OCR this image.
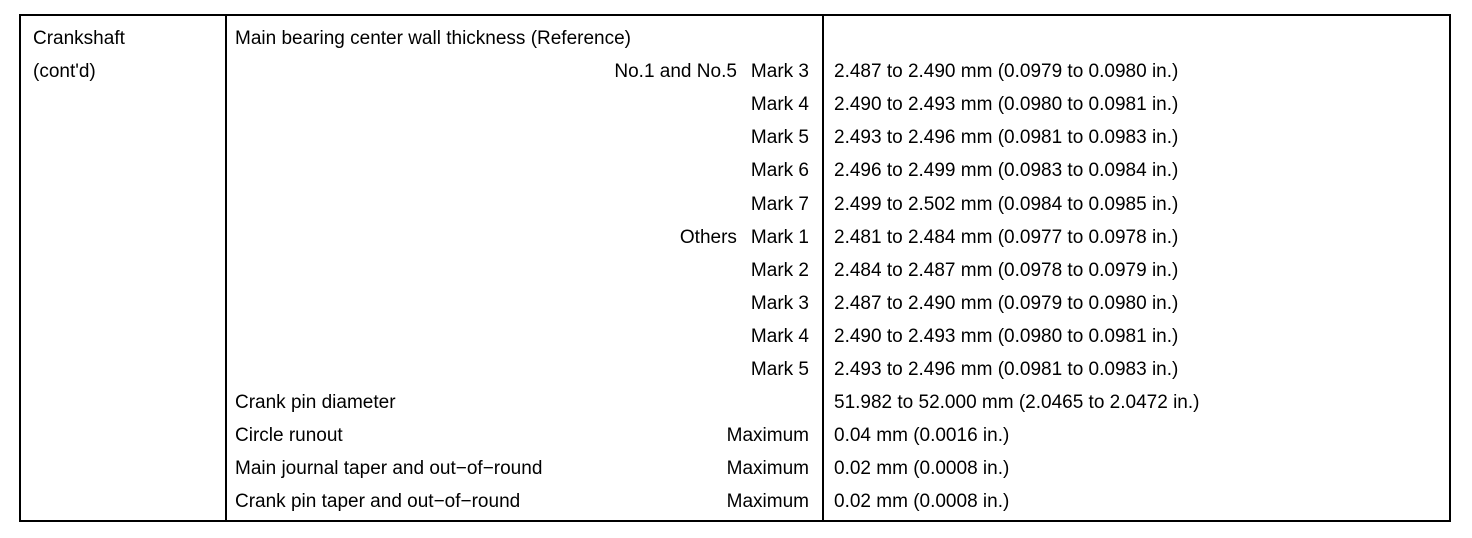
Crankshaft
(cont'd)
Main bearing center wall thickness (Reference)
No.1 and No.5 Mark 3 2.487 to 2.490 mm (0.0979 to 0.0980 in.)
Mark 4 2.490 to 2.493 mm (0.0980 to 0.0981 in.)
Mark 5 2.493 to 2.496 mm (0.0981 to 0.0983 in.)
Mark 6 2.496 to 2.499 mm (0.0983 to 0.0984 in.)
Mark 7 2.499 to 2.502 mm (0.0984 to 0.0985 in.)
Others Mark 1 2.481 to 2.484 mm (0.0977 to 0.0978 in.)
Mark 2 2.484 to 2.487 mm (0.0978 to 0.0979 in.)
Mark 3 2.487 to 2.490 mm (0.0979 to 0.0980 in.)
Mark 4 2.490 to 2.493 mm (0.0980 to 0.0981 in.)
Mark 5 2.493 to 2.496 mm (0.0981 to 0.0983 in.)
Crank pin diameter	51.982 to 52.000 mm (2.0465 to 2.0472 in.)
Circle runout	Maximum 0.04 mm (0.0016 in.)
Main journal taper and out−of−round	Maximum 0.02 mm (0.0008 in.)
Crank pin taper and out−of−round	Maximum 0.02 mm (0.0008 in.)
